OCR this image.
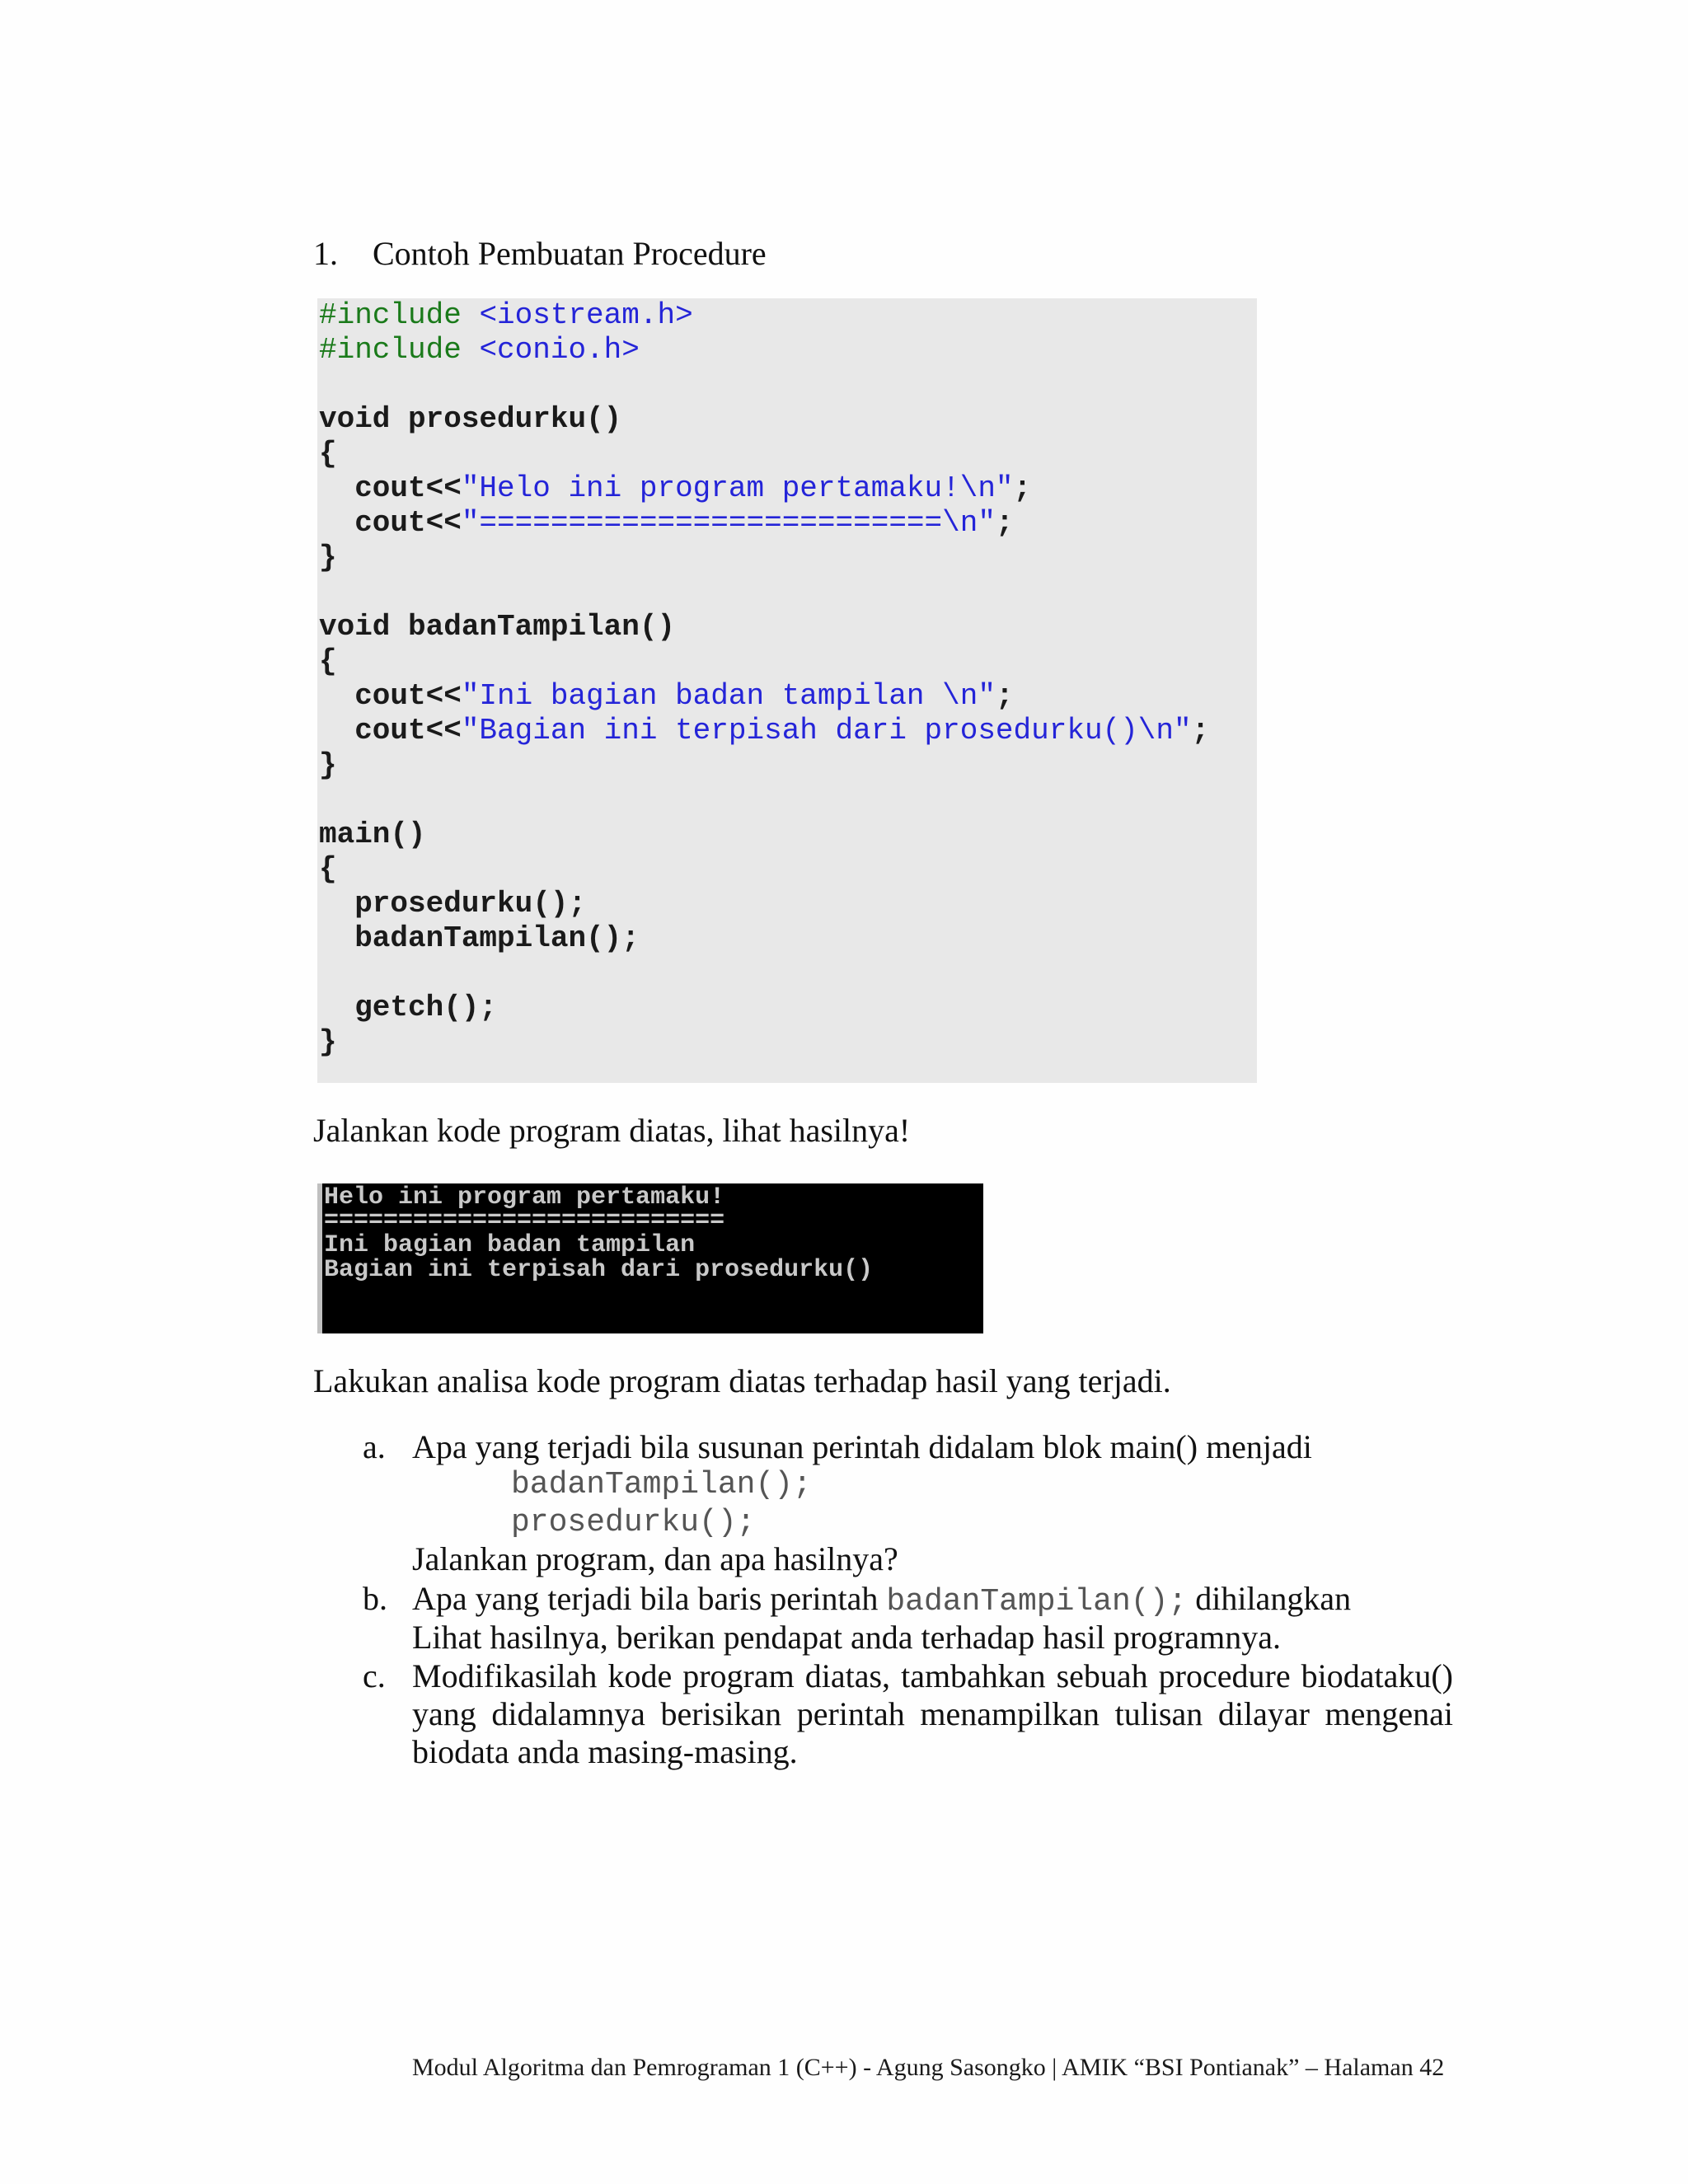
1. Contoh Pembuatan Procedure
#include <iostream.h>
#include <conio.h>
void prosedurku()
{
cout<<"Helo ini program pertamaku!\n";
cout<<"==========================\n";
}
void badanTampilan()
{
cout<<"Ini bagian badan tampilan \n";
cout<<"Bagian ini terpisah dari prosedurku()\n";
}
main()
{
prosedurku();
badanTampilan();
getch();
}
Jalankan kode program diatas, lihat hasilnya!
Helo ini program pertamaku!
===========================
Ini bagian badan tampilan
Bagian ini terpisah dari prosedurku()
Lakukan analisa kode program diatas terhadap hasil yang terjadi.
a. Apa yang terjadi bila susunan perintah didalam blok main() menjadi
badanTampilan();
prosedurku();
Jalankan program, dan apa hasilnya?
b. Apa yang terjadi bila baris perintah badanTampilan(); dihilangkan
Lihat hasilnya, berikan pendapat anda terhadap hasil programnya.
c. Modifikasilah kode program diatas, tambahkan sebuah procedure biodataku()
yang didalamnya berisikan perintah menampilkan tulisan dilayar mengenai
biodata anda masing-masing.
Modul Algoritma dan Pemrograman 1 (C++) - Agung Sasongko | AMIK “BSI Pontianak” – Halaman 42
